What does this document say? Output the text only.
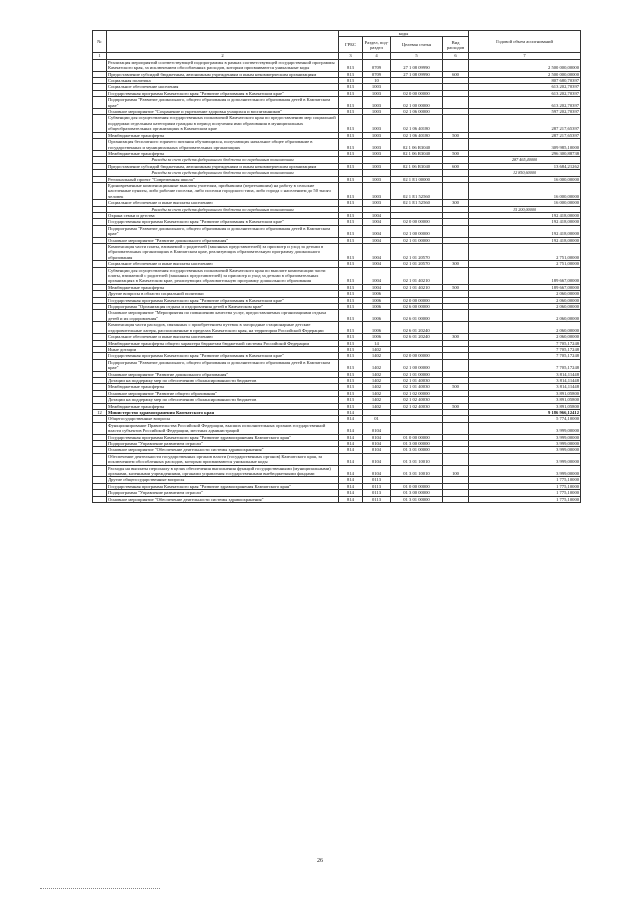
№		коды				Годовой объем ассигнований
		ГРБС	Раздел, под-раздел	Целевая статья	Вид расходов	
1	2	3	4	5	6	7
	Реализация мероприятий соответствующей подпрограммы в рамках соответствующей государственной программы Камчатского края, за исключением обособленных расходов, которым присваиваются уникальные коды	813	0709	27 1 08 09990		2 500 000,00000
	Предоставление субсидий бюджетным, автономным учреждениям и иным некоммерческим организациям	813	0709	27 1 08 09990	600	2 500 000,00000
	Социальная политика	813	10			807 680,70397
	Социальное обеспечение населения	813	1003			613 202,70397
	Государственная программа Камчатского края "Развитие образования в Камчатском крае"	813	1003	02 0 00 00000		613 202,70397
	Подпрограмма "Развитие дошкольного, общего образования и дополнительного образования детей в Камчатском крае"	813	1003	02 1 00 00000		613 202,70397
	Основное мероприятие "Сохранение и укрепление здоровья учащихся и воспитанников"	813	1003	02 1 06 00000		597 202,70397
	Субвенции для осуществления государственных полномочий Камчатского края по предоставлению мер социальной поддержки отдельным категориям граждан в период получения ими образования в муниципальных общеобразовательных организациях в Камчатском крае	813	1003	02 1 06 40180		287 217,65397
	Межбюджетные трансферты	813	1003	02 1 06 40180	500	287 217,65397
	Организация бесплатного горячего питания обучающихся, получающих начальное общее образование в государственных и муниципальных образовательных организациях	813	1003	02 1 06 R3040		309 985,10000
	Межбюджетные трансферты	813	1003	02 1 06 R3040	500	296 300,88738
	Расходы за счет средств федерального бюджета по переданным полномочиям					287 465,40000
	Предоставление субсидий бюджетным, автономным учреждениям и иным некоммерческим организациям	813	1003	02 1 06 R3040	600	13 684,21262
	Расходы за счет средств федерального бюджета по переданным полномочиям					12 850,60000
	Региональный проект "Современная школа"	813	1003	02 1 Е1 00000		16 000,00000
	Единовременные компенсационные выплаты учителям, прибывшим (переехавшим) на работу в сельские населенные пункты, либо рабочие поселки, либо поселки городского типа, либо города с населением до 50 тысяч человек	813	1003	02 1 Е1 52560		16 000,00000
	Социальное обеспечение и иные выплаты населению	813	1003	02 1 Е1 52560	300	16 000,00000
	Расходы за счет средств федерального бюджета по переданным полномочиям					15 200,00000
	Охрана семьи и детства	813	1004			192 418,00000
	Государственная программа Камчатского края "Развитие образования в Камчатском крае"	813	1004	02 0 00 00000		192 418,00000
	Подпрограмма "Развитие дошкольного, общего образования и дополнительного образования детей в Камчатском крае"	813	1004	02 1 00 00000		192 418,00000
	Основное мероприятие "Развитие дошкольного образования"	813	1004	02 1 01 00000		192 418,00000
	Компенсация части платы, взимаемой с родителей (законных представителей) за присмотр и уход за детьми в образовательных организациях в Камчатском крае, реализующих образовательную программу дошкольного образования	813	1004	02 1 01 20570		2 751,00000
	Социальное обеспечение и иные выплаты населению	813	1004	02 1 01 20570	300	2 751,00000
	Субвенции для осуществления государственных полномочий Камчатского края по выплате компенсации части платы, взимаемой с родителей (законных представителей) за присмотр и уход за детьми в образовательных организациях в Камчатском крае, реализующих образовательную программу дошкольного образования	813	1004	02 1 01 40210		189 667,00000
	Межбюджетные трансферты	813	1004	02 1 01 40210	500	189 667,00000
	Другие вопросы в области социальной политики	813	1006			2 060,00000
	Государственная программа Камчатского края "Развитие образования в Камчатском крае"	813	1006	02 0 00 00000		2 060,00000
	Подпрограмма "Организация отдыха и оздоровления детей в Камчатском крае"	813	1006	02 6 00 00000		2 060,00000
	Основное мероприятие "Мероприятия по повышению качества услуг, предоставляемых организациями отдыха детей и их оздоровления"	813	1006	02 6 01 00000		2 060,00000
	Компенсация части расходов, связанных с приобретением путевок в загородные стационарные детские оздоровительные лагеря, расположенные в пределах Камчатского края, на территории Российской Федерации	813	1006	02 6 01 20240		2 060,00000
	Социальное обеспечение и иные выплаты населению	813	1006	02 6 01 20240	300	2 060,00000
	Межбюджетные трансферты общего характера бюджетам бюджетной системы Российской Федерации	813	14			7 705,17248
	Иные дотации	813	1402			7 705,17248
	Государственная программа Камчатского края "Развитие образования в Камчатском крае"	813	1402	02 0 00 00000		7 705,17248
	Подпрограмма "Развитие дошкольного, общего образования и дополнительного образования детей в Камчатском крае"	813	1402	02 1 00 00000		7 705,17248
	Основное мероприятие "Развитие дошкольного образования"	813	1402	02 1 01 00000		3 814,11448
	Дотации на поддержку мер по обеспечению сбалансированности бюджетов	813	1402	02 1 01 40030		3 814,11448
	Межбюджетные трансферты	813	1402	02 1 01 40030	500	3 814,11448
	Основное мероприятие "Развитие общего образования"	813	1402	02 1 02 00000		3 891,05800
	Дотации на поддержку мер по обеспечению сбалансированности бюджетов	813	1402	02 1 02 40030		3 891,05800
	Межбюджетные трансферты	813	1402	02 1 02 40030	500	3 891,05800
12	Министерство здравоохранения Камчатского края	814				9 186 966,12412
	Общегосударственные вопросы	814	01			5 774,10000
	Функционирование Правительства Российской Федерации, высших исполнительных органов государственной власти субъектов Российской Федерации, местных администраций	814	0104			3 999,00000
	Государственная программа Камчатского края "Развитие здравоохранения Камчатского края"	814	0104	01 0 00 00000		3 999,00000
	Подпрограмма "Управление развитием отрасли"	814	0104	01 3 00 00000		3 999,00000
	Основное мероприятие "Обеспечение деятельности системы здравоохранения"	814	0104	01 3 01 00000		3 999,00000
	Обеспечение деятельности государственных органов власти (государственных органов) Камчатского края, за исключением обособленных расходов, которым присваиваются уникальные коды	814	0104	01 3 01 10010		3 999,00000
	Расходы на выплаты персоналу в целях обеспечения выполнения функций государственными (муниципальными) органами, казенными учреждениями, органами управления государственными внебюджетными фондами	814	0104	01 3 01 10010	100	3 999,00000
	Другие общегосударственные вопросы	814	0113			1 775,10000
	Государственная программа Камчатского края "Развитие здравоохранения Камчатского края"	814	0113	01 0 00 00000		1 775,10000
	Подпрограмма "Управление развитием отрасли"	814	0113	01 3 00 00000		1 775,10000
	Основное мероприятие "Обеспечение деятельности системы здравоохранения"	814	0113	01 3 01 00000		1 775,10000
26
